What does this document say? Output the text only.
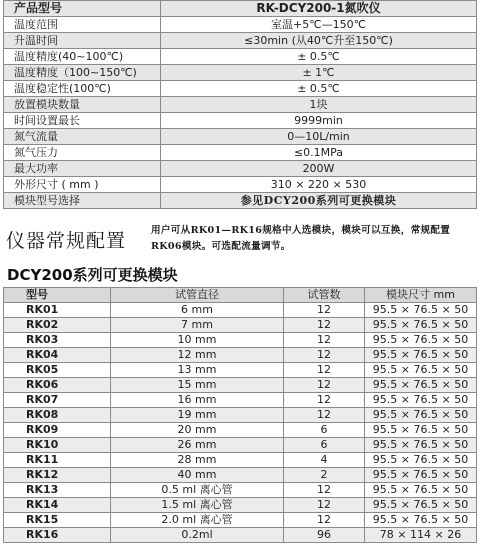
产品型号	RK-DCY200-1氮吹仪
温度范围	室温+5℃—150℃
升温时间	≤30min (从40℃升至150℃)
温度精度(40~100℃)	± 0.5℃
温度精度（100~150℃)	± 1℃
温度稳定性(100℃)	± 0.5℃
放置模块数量	1块
时间设置最长	9999min
氮气流量	0—10L/min
氮气压力	≤0.1MPa
最大功率	200W
外形尺寸 ( mm )	310 × 220 × 530
模块型号选择	参见DCY200系列可更换模块
仪器常规配置	用户可从RK01—RK16规格中人选模块，模块可以互换，常规配置RK06模块。可选配流量调节。
DCY200系列可更换模块
型号	试管直径	试管数	模块尺寸 mm
RK01	6 mm	12	95.5 × 76.5 × 50
RK02	7 mm	12	95.5 × 76.5 × 50
RK03	10 mm	12	95.5 × 76.5 × 50
RK04	12 mm	12	95.5 × 76.5 × 50
RK05	13 mm	12	95.5 × 76.5 × 50
RK06	15 mm	12	95.5 × 76.5 × 50
RK07	16 mm	12	95.5 × 76.5 × 50
RK08	19 mm	12	95.5 × 76.5 × 50
RK09	20 mm	6	95.5 × 76.5 × 50
RK10	26 mm	6	95.5 × 76.5 × 50
RK11	28 mm	4	95.5 × 76.5 × 50
RK12	40 mm	2	95.5 × 76.5 × 50
RK13	0.5 ml 离心管	12	95.5 × 76.5 × 50
RK14	1.5 ml 离心管	12	95.5 × 76.5 × 50
RK15	2.0 ml 离心管	12	95.5 × 76.5 × 50
RK16	0.2ml	96	78 × 114 × 26
